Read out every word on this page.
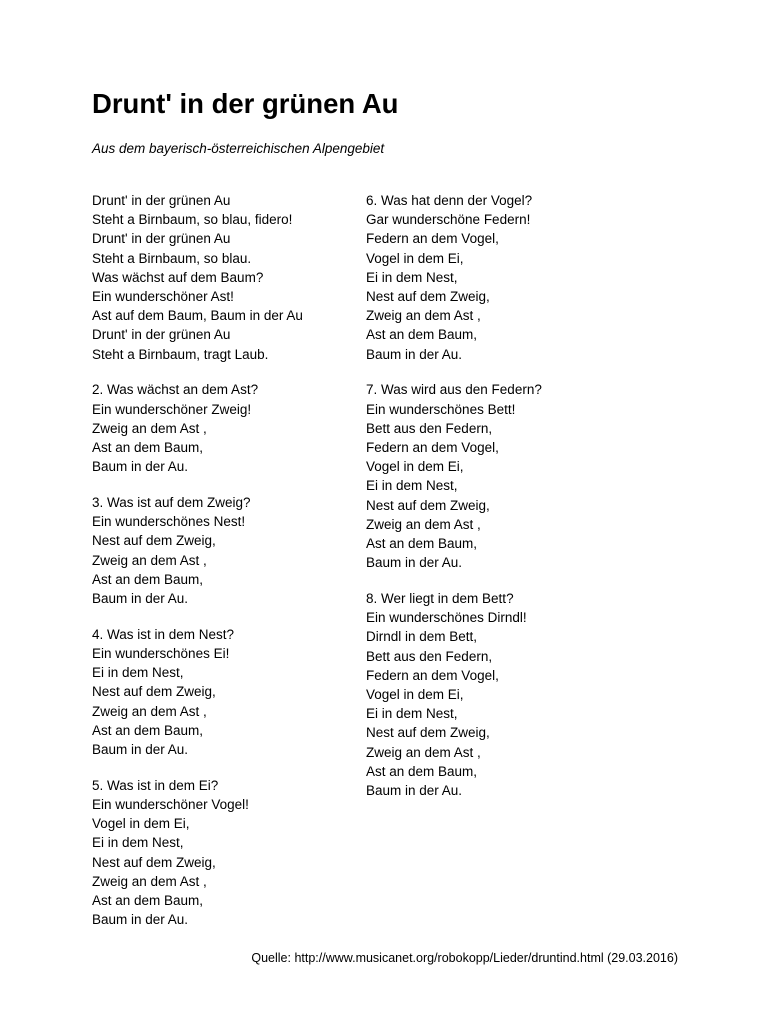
Drunt' in der grünen Au

Aus dem bayerisch-österreichischen Alpengebiet

Drunt' in der grünen Au
Steht a Birnbaum, so blau, fidero!
Drunt' in der grünen Au
Steht a Birnbaum, so blau.
Was wächst auf dem Baum?
Ein wunderschöner Ast!
Ast auf dem Baum, Baum in der Au
Drunt' in der grünen Au
Steht a Birnbaum, tragt Laub.
2. Was wächst an dem Ast?
Ein wunderschöner Zweig!
Zweig an dem Ast ,
Ast an dem Baum,
Baum in der Au.
3. Was ist auf dem Zweig?
Ein wunderschönes Nest!
Nest auf dem Zweig,
Zweig an dem Ast ,
Ast an dem Baum,
Baum in der Au.
4. Was ist in dem Nest?
Ein wunderschönes Ei!
Ei in dem Nest,
Nest auf dem Zweig,
Zweig an dem Ast ,
Ast an dem Baum,
Baum in der Au.
5. Was ist in dem Ei?
Ein wunderschöner Vogel!
Vogel in dem Ei,
Ei in dem Nest,
Nest auf dem Zweig,
Zweig an dem Ast ,
Ast an dem Baum,
Baum in der Au.
6. Was hat denn der Vogel?
Gar wunderschöne Federn!
Federn an dem Vogel,
Vogel in dem Ei,
Ei in dem Nest,
Nest auf dem Zweig,
Zweig an dem Ast ,
Ast an dem Baum,
Baum in der Au.
7. Was wird aus den Federn?
Ein wunderschönes Bett!
Bett aus den Federn,
Federn an dem Vogel,
Vogel in dem Ei,
Ei in dem Nest,
Nest auf dem Zweig,
Zweig an dem Ast ,
Ast an dem Baum,
Baum in der Au.
8. Wer liegt in dem Bett?
Ein wunderschönes Dirndl!
Dirndl in dem Bett,
Bett aus den Federn,
Federn an dem Vogel,
Vogel in dem Ei,
Ei in dem Nest,
Nest auf dem Zweig,
Zweig an dem Ast ,
Ast an dem Baum,
Baum in der Au.

Quelle: http://www.musicanet.org/robokopp/Lieder/druntind.html (29.03.2016)
